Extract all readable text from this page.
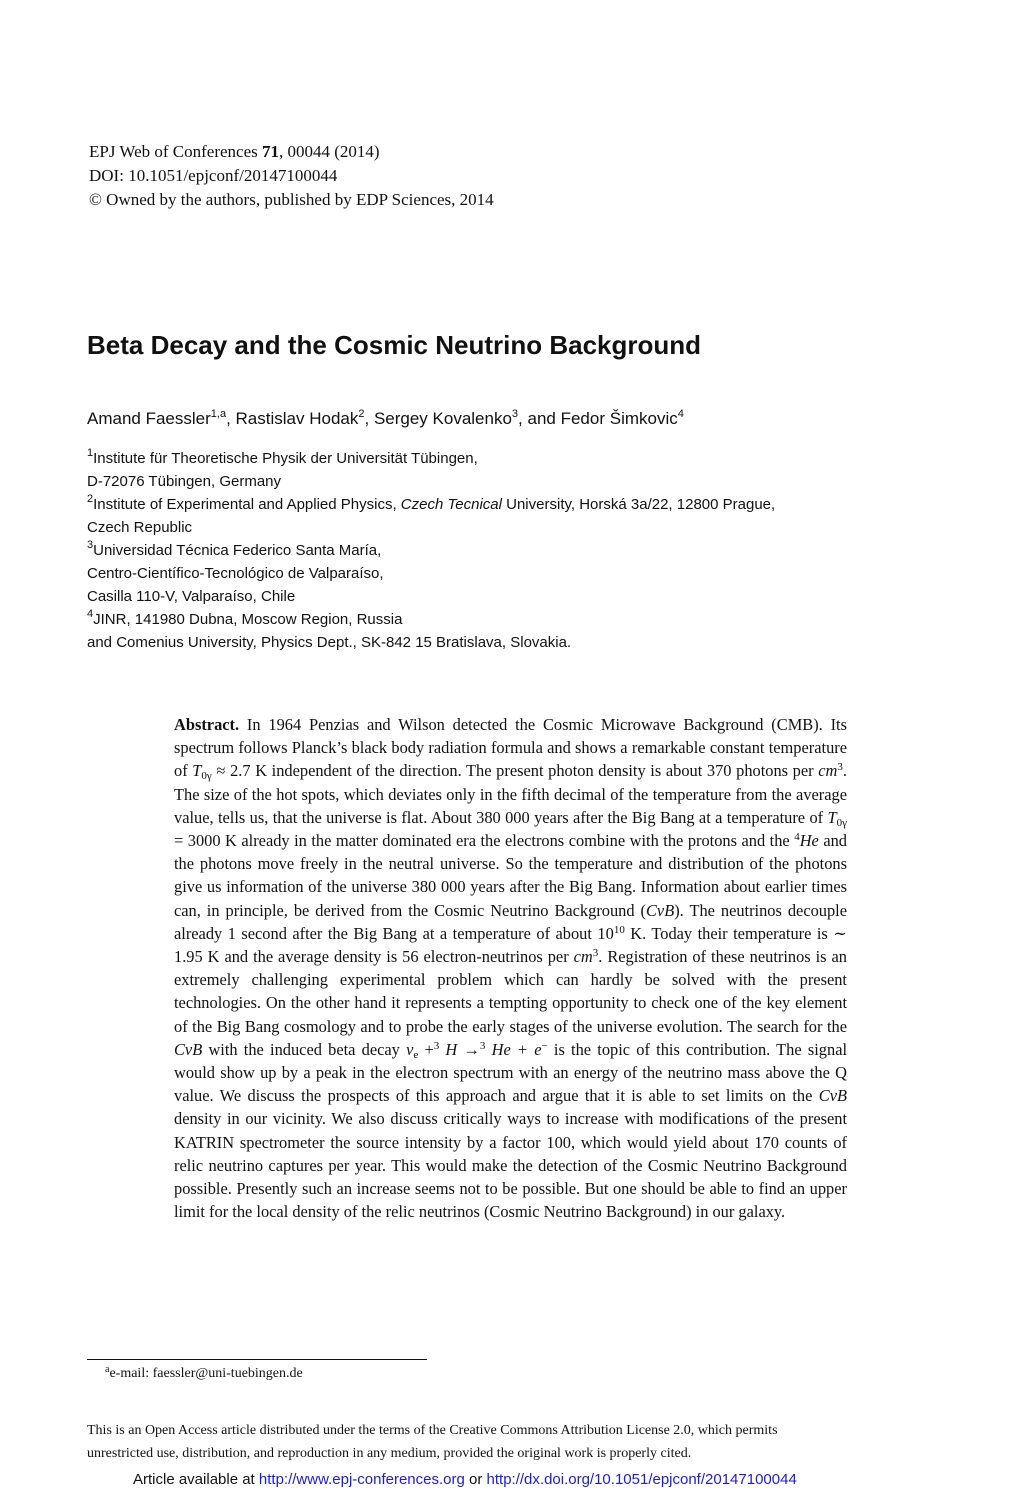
EPJ Web of Conferences 71, 00044 (2014)
DOI: 10.1051/epjconf/20147100044
© Owned by the authors, published by EDP Sciences, 2014
Beta Decay and the Cosmic Neutrino Background
Amand Faessler$^{1,a}$, Rastislav Hodak$^2$, Sergey Kovalenko$^3$, and Fedor Šimkovic$^4$
$^1$Institute für Theoretische Physik der Universität Tübingen,
D-72076 Tübingen, Germany
$^2$Institute of Experimental and Applied Physics, Czech Tecnical University, Horská 3a/22, 12800 Prague,
Czech Republic
$^3$Universidad Técnica Federico Santa María,
Centro-Científico-Tecnológico de Valparaíso,
Casilla 110-V, Valparaíso, Chile
$^4$JINR, 141980 Dubna, Moscow Region, Russia
and Comenius University, Physics Dept., SK-842 15 Bratislava, Slovakia.
Abstract. In 1964 Penzias and Wilson detected the Cosmic Microwave Background (CMB). Its spectrum follows Planck’s black body radiation formula and shows a remarkable constant temperature of $T_{0\gamma} \approx 2.7$ K independent of the direction. The present photon density is about 370 photons per $cm^3$. The size of the hot spots, which deviates only in the fifth decimal of the temperature from the average value, tells us, that the universe is flat. About 380 000 years after the Big Bang at a temperature of $T_{0\gamma} = 3000$ K already in the matter dominated era the electrons combine with the protons and the $^4$He and the photons move freely in the neutral universe. So the temperature and distribution of the photons give us information of the universe 380 000 years after the Big Bang. Information about earlier times can, in principle, be derived from the Cosmic Neutrino Background (CνB). The neutrinos decouple already 1 second after the Big Bang at a temperature of about $10^{10}$ K. Today their temperature is ∼ 1.95 K and the average density is 56 electron-neutrinos per $cm^3$. Registration of these neutrinos is an extremely challenging experimental problem which can hardly be solved with the present technologies. On the other hand it represents a tempting opportunity to check one of the key element of the Big Bang cosmology and to probe the early stages of the universe evolution. The search for the CνB with the induced beta decay $\nu_e +^3$ H →$^3$ He + e− is the topic of this contribution. The signal would show up by a peak in the electron spectrum with an energy of the neutrino mass above the Q value. We discuss the prospects of this approach and argue that it is able to set limits on the CνB density in our vicinity. We also discuss critically ways to increase with modifications of the present KATRIN spectrometer the source intensity by a factor 100, which would yield about 170 counts of relic neutrino captures per year. This would make the detection of the Cosmic Neutrino Background possible. Presently such an increase seems not to be possible. But one should be able to find an upper limit for the local density of the relic neutrinos (Cosmic Neutrino Background) in our galaxy.
$^a$e-mail: faessler@uni-tuebingen.de
This is an Open Access article distributed under the terms of the Creative Commons Attribution License 2.0, which permits
unrestricted use, distribution, and reproduction in any medium, provided the original work is properly cited.
Article available at http://www.epj-conferences.org or http://dx.doi.org/10.1051/epjconf/20147100044
